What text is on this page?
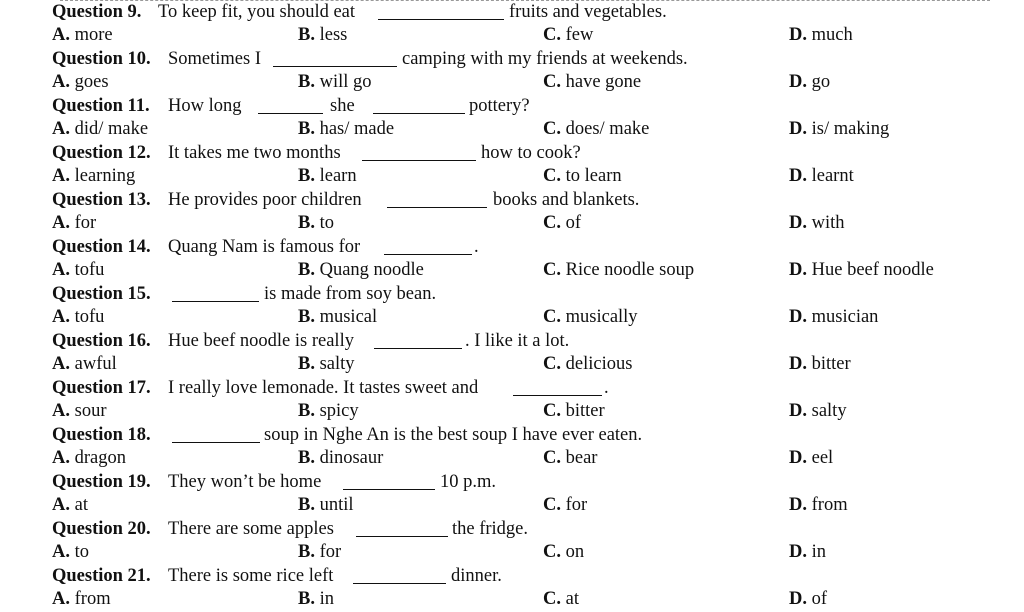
Question 9. To keep fit, you should eat	fruits and vegetables.
A. more	B. less	C. few	D. much
Question 10. Sometimes I	camping with my friends at weekends.
A. goes	B. will go	C. have gone	D. go
Question 11. How long	she	pottery?
A. did/ make	B. has/ made	C. does/ make	D. is/ making
Question 12. It takes me two months	how to cook?
A. learning	B. learn	C. to learn	D. learnt
Question 13. He provides poor children	books and blankets.
A. for	B. to	C. of	D. with
Question 14. Quang Nam is famous for	.
A. tofu	B. Quang noodle	C. Rice noodle soup	D. Hue beef noodle
Question 15.	is made from soy bean.
A. tofu	B. musical	C. musically	D. musician
Question 16. Hue beef noodle is really	. I like it a lot.
A. awful	B. salty	C. delicious	D. bitter
Question 17. I really love lemonade. It tastes sweet and	.
A. sour	B. spicy	C. bitter	D. salty
Question 18.	soup in Nghe An is the best soup I have ever eaten.
A. dragon	B. dinosaur	C. bear	D. eel
Question 19. They won’t be home	10 p.m.
A. at	B. until	C. for	D. from
Question 20. There are some apples	the fridge.
A. to	B. for	C. on	D. in
Question 21. There is some rice left	dinner.
A. from	B. in	C. at	D. of
